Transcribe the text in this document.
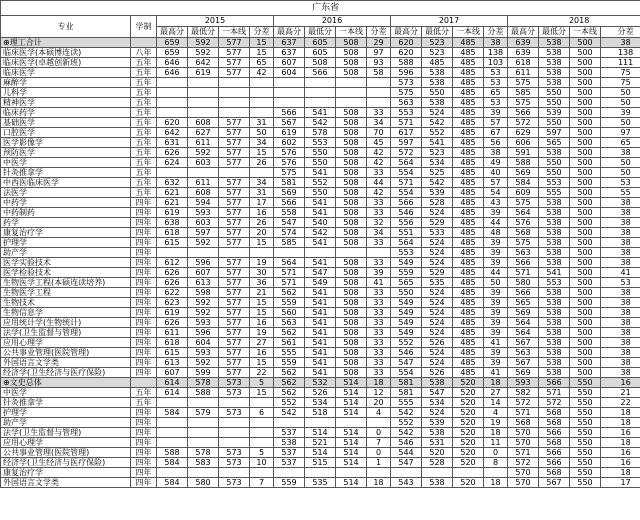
广东省																	
专业	学制	2015				2016				2017				2018			
		最高分	最低分	一本线	分差	最高分	最低分	一本线	分差	最高分	最低分	一本线	分差	最高分	最低分	一本线	分差
⊕理工合计		659	592	577	15	637	605	508	29	620	523	485	38	639	538	500	38
临床医学(本硕博连读)	八年	659	592	577	15	637	605	508	97	620	523	485	138	639	538	500	138
临床医学(卓越创新班)	五年	646	642	577	65	607	508	508	93	588	485	485	103	618	538	500	111
临床医学	五年	646	619	577	42	604	566	508	58	596	538	485	53	611	538	500	75
麻醉学	五年									573	538	485	53	575	538	500	75
儿科学	五年									575	550	485	65	585	550	500	50
精神医学	五年									563	538	485	53	575	550	500	50
临床药学	五年					566	541	508	33	553	524	485	39	566	539	500	39
基础医学	五年	620	608	577	31	567	542	508	34	571	542	485	57	572	550	500	50
口腔医学	五年	642	627	577	50	619	578	508	70	617	552	485	67	629	597	500	97
医学影像学	五年	631	611	577	34	602	553	508	45	597	541	485	56	606	565	500	65
预防医学	五年	626	592	577	15	576	550	508	42	572	523	485	38	591	538	500	38
中医学	五年	624	603	577	26	576	550	508	42	564	534	485	49	588	550	500	50
针灸推拿学	五年					575	541	508	33	554	525	485	40	569	550	500	50
中西医临床医学	五年	632	611	577	34	581	552	508	44	571	542	485	57	584	553	500	53
法医学	五年	621	608	577	31	569	550	508	42	554	539	485	54	609	555	500	55
中药学	四年	621	594	577	17	566	541	508	33	566	528	485	43	575	538	500	38
中药制药	四年	619	593	577	16	558	541	508	33	546	524	485	39	564	538	500	38
药学	四年	638	603	577	26	547	540	508	32	556	529	485	44	576	538	500	38
康复治疗学	四年	618	597	577	20	574	542	508	34	551	533	485	48	568	538	500	38
护理学	四年	615	592	577	15	585	541	508	33	564	524	485	39	575	538	500	38
助产学	四年									553	524	485	39	563	538	500	38
医学实验技术	四年	612	596	577	19	564	541	508	33	549	524	485	39	566	538	500	38
医学检验技术	四年	626	607	577	30	571	547	508	39	559	529	485	44	571	541	500	41
生物医学工程(本硕连读培养)	四年	626	613	577	36	571	549	508	41	565	535	485	50	580	553	500	53
生物医学工程	四年	622	598	577	21	562	541	508	33	550	524	485	39	566	538	500	38
生物技术	四年	623	592	577	15	559	541	508	33	549	524	485	39	565	538	500	38
生物信息学	四年	619	592	577	15	560	541	508	33	549	524	485	39	569	538	500	38
应用统计学(生物统计)	四年	626	593	577	16	563	541	508	33	549	524	485	39	564	538	500	38
法学(卫生监督与管理)	四年	611	596	577	19	562	541	508	33	549	524	485	39	564	538	500	38
应用心理学	四年	618	604	577	27	561	541	508	33	552	526	485	41	567	538	500	38
公共事业管理(医院管理)	四年	615	593	577	16	555	541	508	33	546	524	485	39	563	538	500	38
外国语言文学类	四年	613	592	577	15	559	541	508	33	547	524	485	39	567	538	500	38
经济学(卫生经济与医疗保险)	四年	607	599	577	22	562	541	508	33	554	526	485	41	569	538	500	38
⊕文史总体		614	578	573	5	562	532	514	18	581	538	520	18	593	566	550	16
中医学	五年	614	588	573	15	562	526	514	12	581	547	520	27	582	571	550	21
针灸推拿学	五年					552	534	514	20	555	534	520	14	572	572	550	22
护理学	四年	584	579	573	6	542	518	514	4	542	524	520	4	571	568	550	18
助产学	四年									552	539	520	19	568	568	550	18
法学(卫生监督与管理)	四年					537	514	514	0	542	538	520	18	570	566	550	16
应用心理学	四年					538	521	514	7	546	531	520	11	570	568	550	18
公共事业管理(医院管理)	四年	588	578	573	5	537	514	514	0	544	520	520	0	571	566	550	16
经济学(卫生经济与医疗保险)	四年	584	583	573	10	537	515	514	1	547	528	520	8	572	566	550	16
康复治疗学	四年													570	568	550	18
外国语言文学类	四年	584	580	573	7	559	535	514	18	543	538	520	18	570	567	550	17
